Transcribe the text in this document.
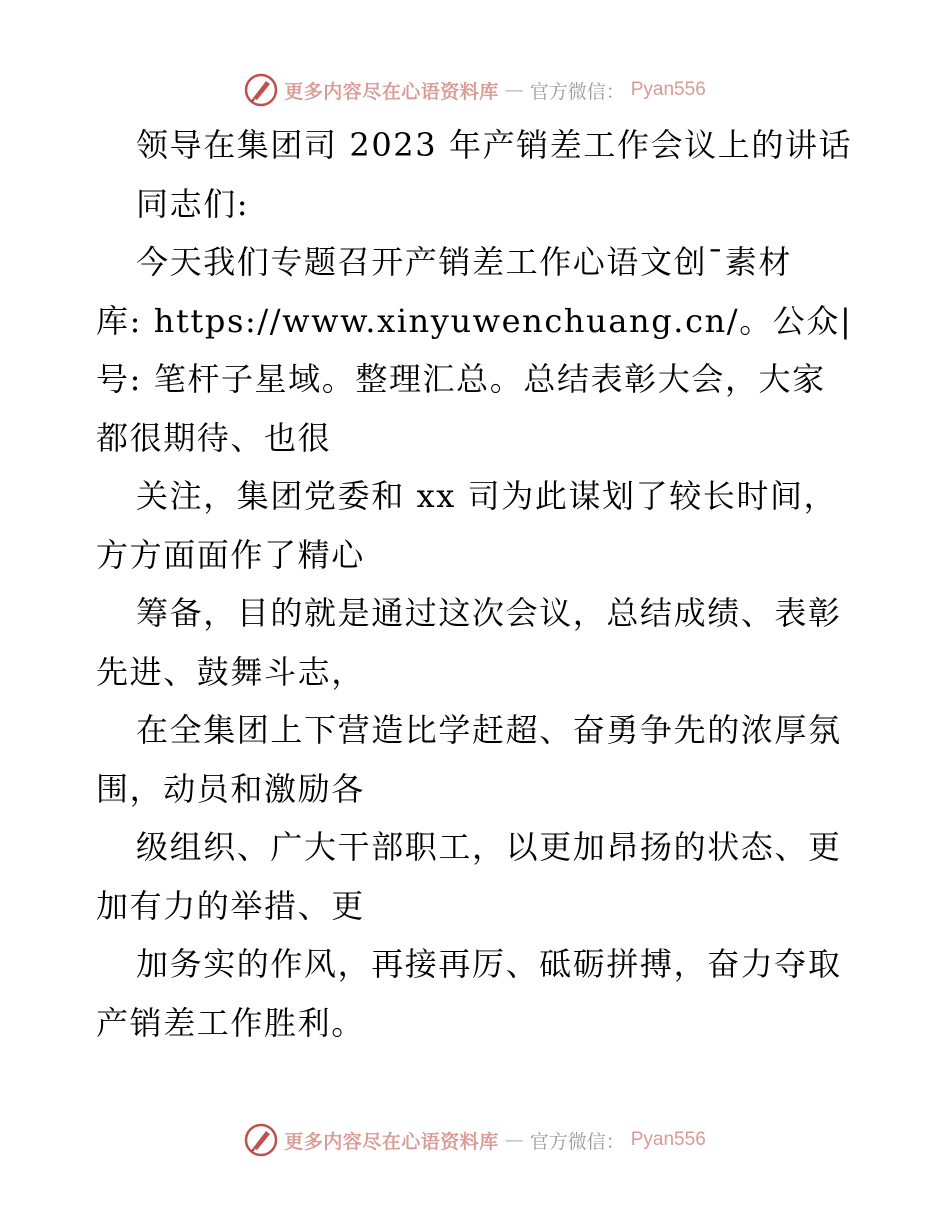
更多内容尽在心语资料库 — 官方微信： Pyan556
领导在集团司 2023 年产销差工作会议上的讲话
同志们:
今天我们专题召开产销差工作心语文创¯素材
库: https://www.xinyuwenchuang.cn/。公众|
号: 笔杆子星域。整理汇总。总结表彰大会，大家
都很期待、也很
关注，集团党委和 xx 司为此谋划了较长时间，
方方面面作了精心
筹备，目的就是通过这次会议，总结成绩、表彰
先进、鼓舞斗志，
在全集团上下营造比学赶超、奋勇争先的浓厚氛
围，动员和激励各
级组织、广大干部职工，以更加昂扬的状态、更
加有力的举措、更
加务实的作风，再接再厉、砥砺拼搏，奋力夺取
产销差工作胜利。
更多内容尽在心语资料库 — 官方微信： Pyan556
